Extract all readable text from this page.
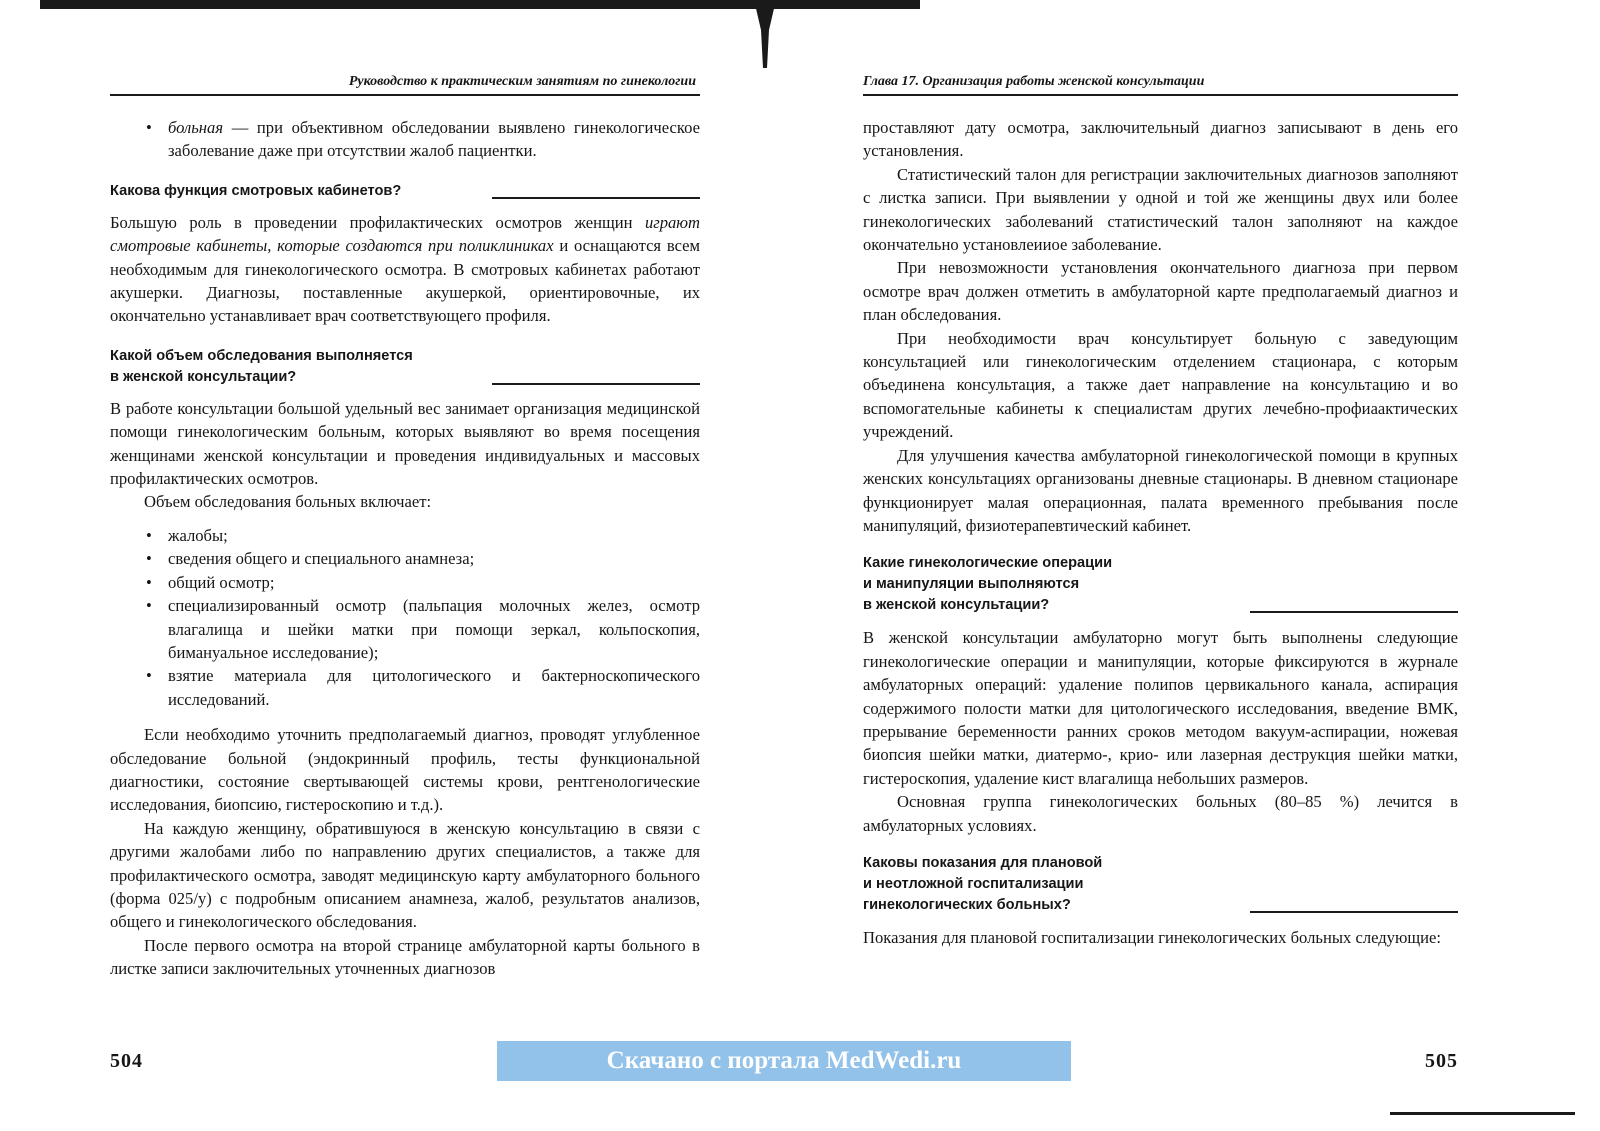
Руководство к практическим занятиям по гинекологии
• больная — при объективном обследовании выявлено гинекологическое заболевание даже при отсутствии жалоб пациентки.
Какова функция смотровых кабинетов?

Большую роль в проведении профилактических осмотров женщин играют смотровые кабинеты, которые создаются при поликлиниках и оснащаются всем необходимым для гинекологического осмотра. В смотровых кабинетах работают акушерки. Диагнозы, поставленные акушеркой, ориентировочные, их окончательно устанавливает врач соответствующего профиля.

Какой объем обследования выполняется
в женской консультации?

В работе консультации большой удельный вес занимает организация медицинской помощи гинекологическим больным, которых выявляют во время посещения женщинами женской консультации и проведения индивидуальных и массовых профилактических осмотров.

Объем обследования больных включает:

• жалобы;
• сведения общего и специального анамнеза;
• общий осмотр;
• специализированный осмотр (пальпация молочных желез, осмотр влагалища и шейки матки при помощи зеркал, кольпоскопия, бимануальное исследование);
• взятие материала для цитологического и бактерноскопического исследований.

Если необходимо уточнить предполагаемый диагноз, проводят углубленное обследование больной (эндокринный профиль, тесты функциональной диагностики, состояние свертывающей системы крови, рентгенологические исследования, биопсию, гистероскопию и т.д.).

На каждую женщину, обратившуюся в женскую консультацию в связи с другими жалобами либо по направлению других специалистов, а также для профилактического осмотра, заводят медицинскую карту амбулаторного больного (форма 025/у) с подробным описанием анамнеза, жалоб, результатов анализов, общего и гинекологического обследования.

После первого осмотра на второй странице амбулаторной карты больного в листке записи заключительных уточненных диагнозов

504
Глава 17. Организация работы женской консультации

проставляют дату осмотра, заключительный диагноз записывают в день его установления.

Статистический талон для регистрации заключительных диагнозов заполняют с листка записи. При выявлении у одной и той же женщины двух или более гинекологических заболеваний статистический талон заполняют на каждое окончательно установлеииое заболевание.

При невозможности установления окончательного диагноза при первом осмотре врач должен отметить в амбулаторной карте предполагаемый диагноз и план обследования.

При необходимости врач консультирует больную с заведующим консультацией или гинекологическим отделением стационара, с которым объединена консультация, а также дает направление на консультацию и во вспомогательные кабинеты к специалистам других лечебно-профиаактических учреждений.

Для улучшения качества амбулаторной гинекологической помощи в крупных женских консультациях организованы дневные стационары. В дневном стационаре функционирует малая операционная, палата временного пребывания после манипуляций, физиотерапевтический кабинет.

Какие гинекологические операции
и манипуляции выполняются
в женской консультации?

В женской консультации амбулаторно могут быть выполнены следующие гинекологические операции и манипуляции, которые фиксируются в журнале амбулаторных операций: удаление полипов цервикального канала, аспирация содержимого полости матки для цитологического исследования, введение ВМК, прерывание беременности ранних сроков методом вакуум-аспирации, ножевая биопсия шейки матки, диатермо-, крио- или лазерная деструкция шейки матки, гистероскопия, удаление кист влагалища небольших размеров.

Основная группа гинекологических больных (80–85 %) лечится в амбулаторных условиях.

Каковы показания для плановой
и неотложной госпитализации
гинекологических больных?

Показания для плановой госпитализации гинекологических больных следующие:

505
Скачано с портала MedWedi.ru
